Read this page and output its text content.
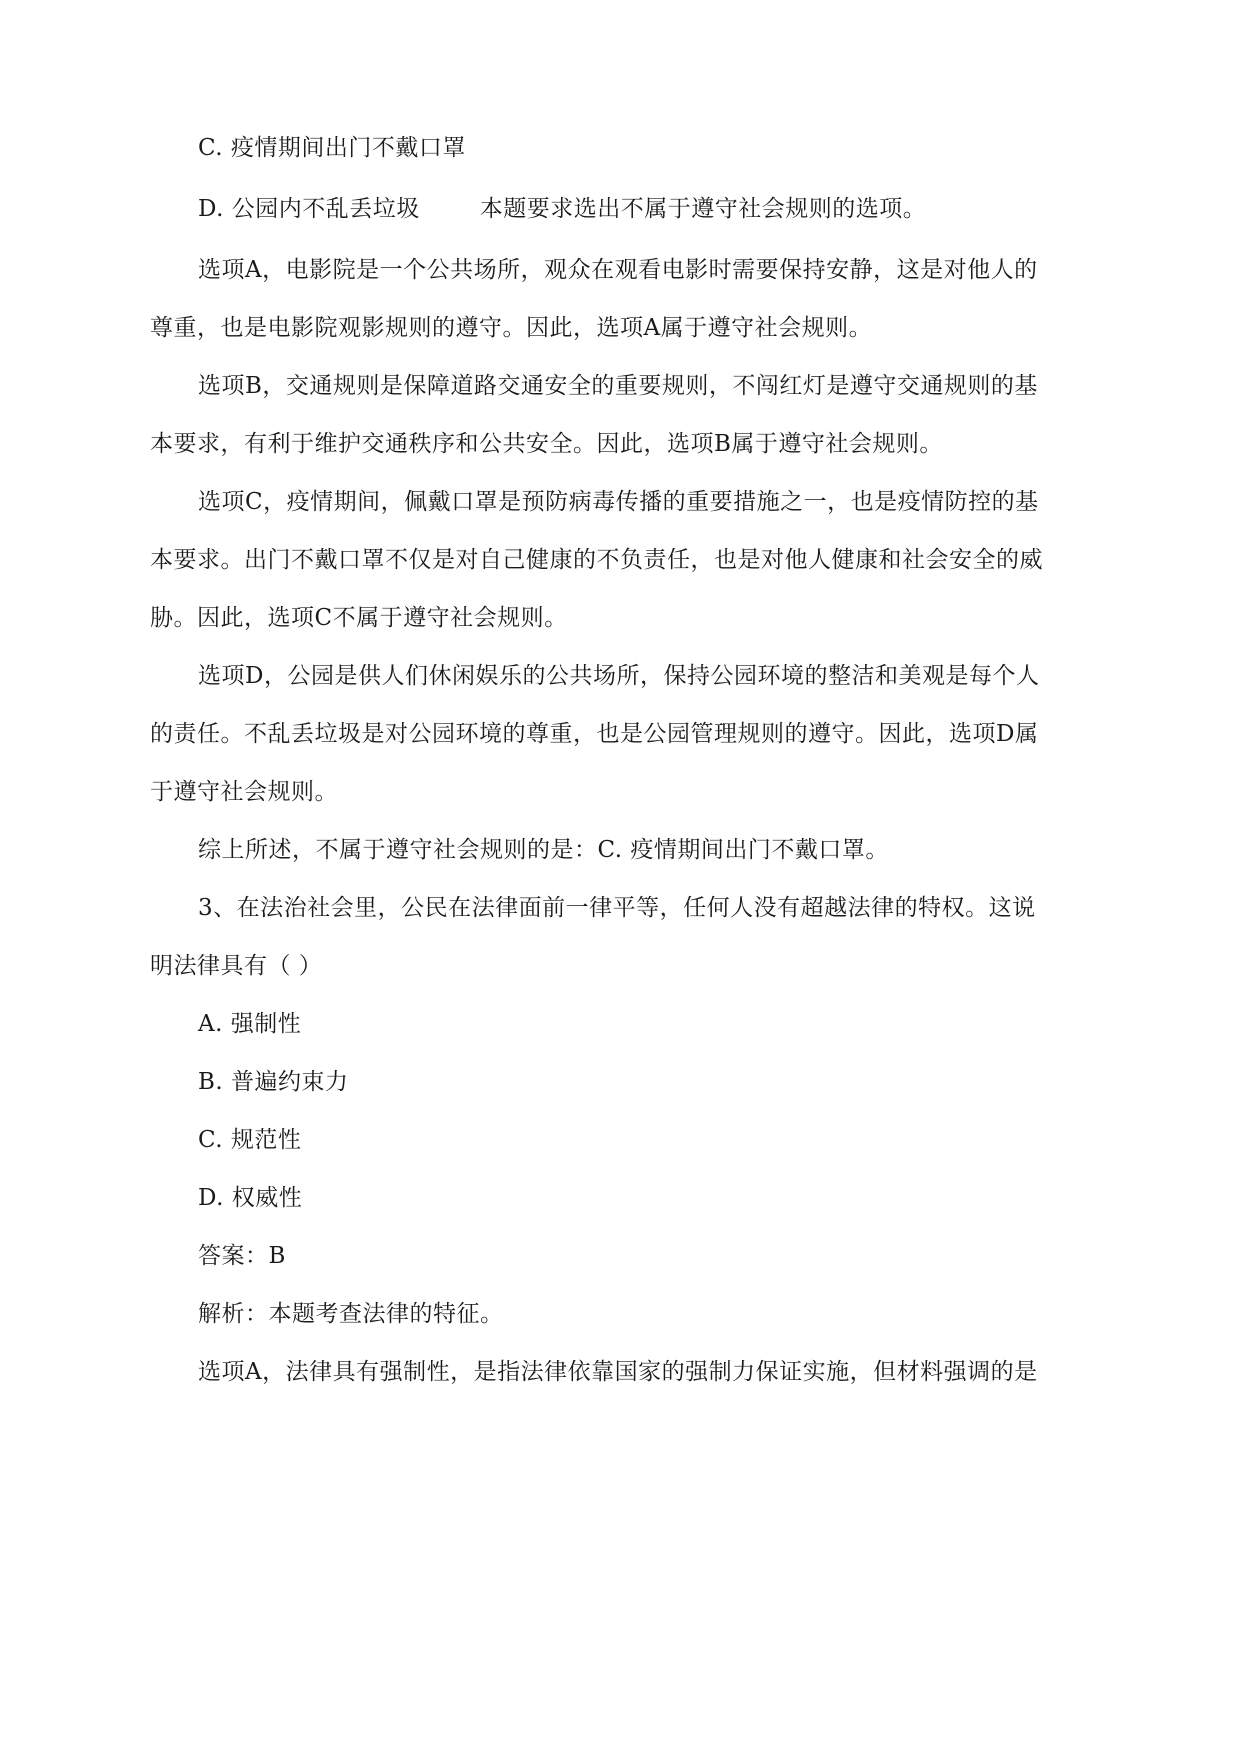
C. 疫情期间出门不戴口罩
D. 公园内不乱丢垃圾	本题要求选出不属于遵守社会规则的选项。
选项A，电影院是一个公共场所，观众在观看电影时需要保持安静，这是对他人的
尊重，也是电影院观影规则的遵守。因此，选项A属于遵守社会规则。
选项B，交通规则是保障道路交通安全的重要规则，不闯红灯是遵守交通规则的基
本要求，有利于维护交通秩序和公共安全。因此，选项B属于遵守社会规则。
选项C，疫情期间，佩戴口罩是预防病毒传播的重要措施之一，也是疫情防控的基
本要求。出门不戴口罩不仅是对自己健康的不负责任，也是对他人健康和社会安全的威
胁。因此，选项C不属于遵守社会规则。
选项D，公园是供人们休闲娱乐的公共场所，保持公园环境的整洁和美观是每个人
的责任。不乱丢垃圾是对公园环境的尊重，也是公园管理规则的遵守。因此，选项D属
于遵守社会规则。
综上所述，不属于遵守社会规则的是：C. 疫情期间出门不戴口罩。
3、在法治社会里，公民在法律面前一律平等，任何人没有超越法律的特权。这说
明法律具有（ ）
A. 强制性
B. 普遍约束力
C. 规范性
D. 权威性
答案：B
解析：本题考查法律的特征。
选项A，法律具有强制性，是指法律依靠国家的强制力保证实施，但材料强调的是
